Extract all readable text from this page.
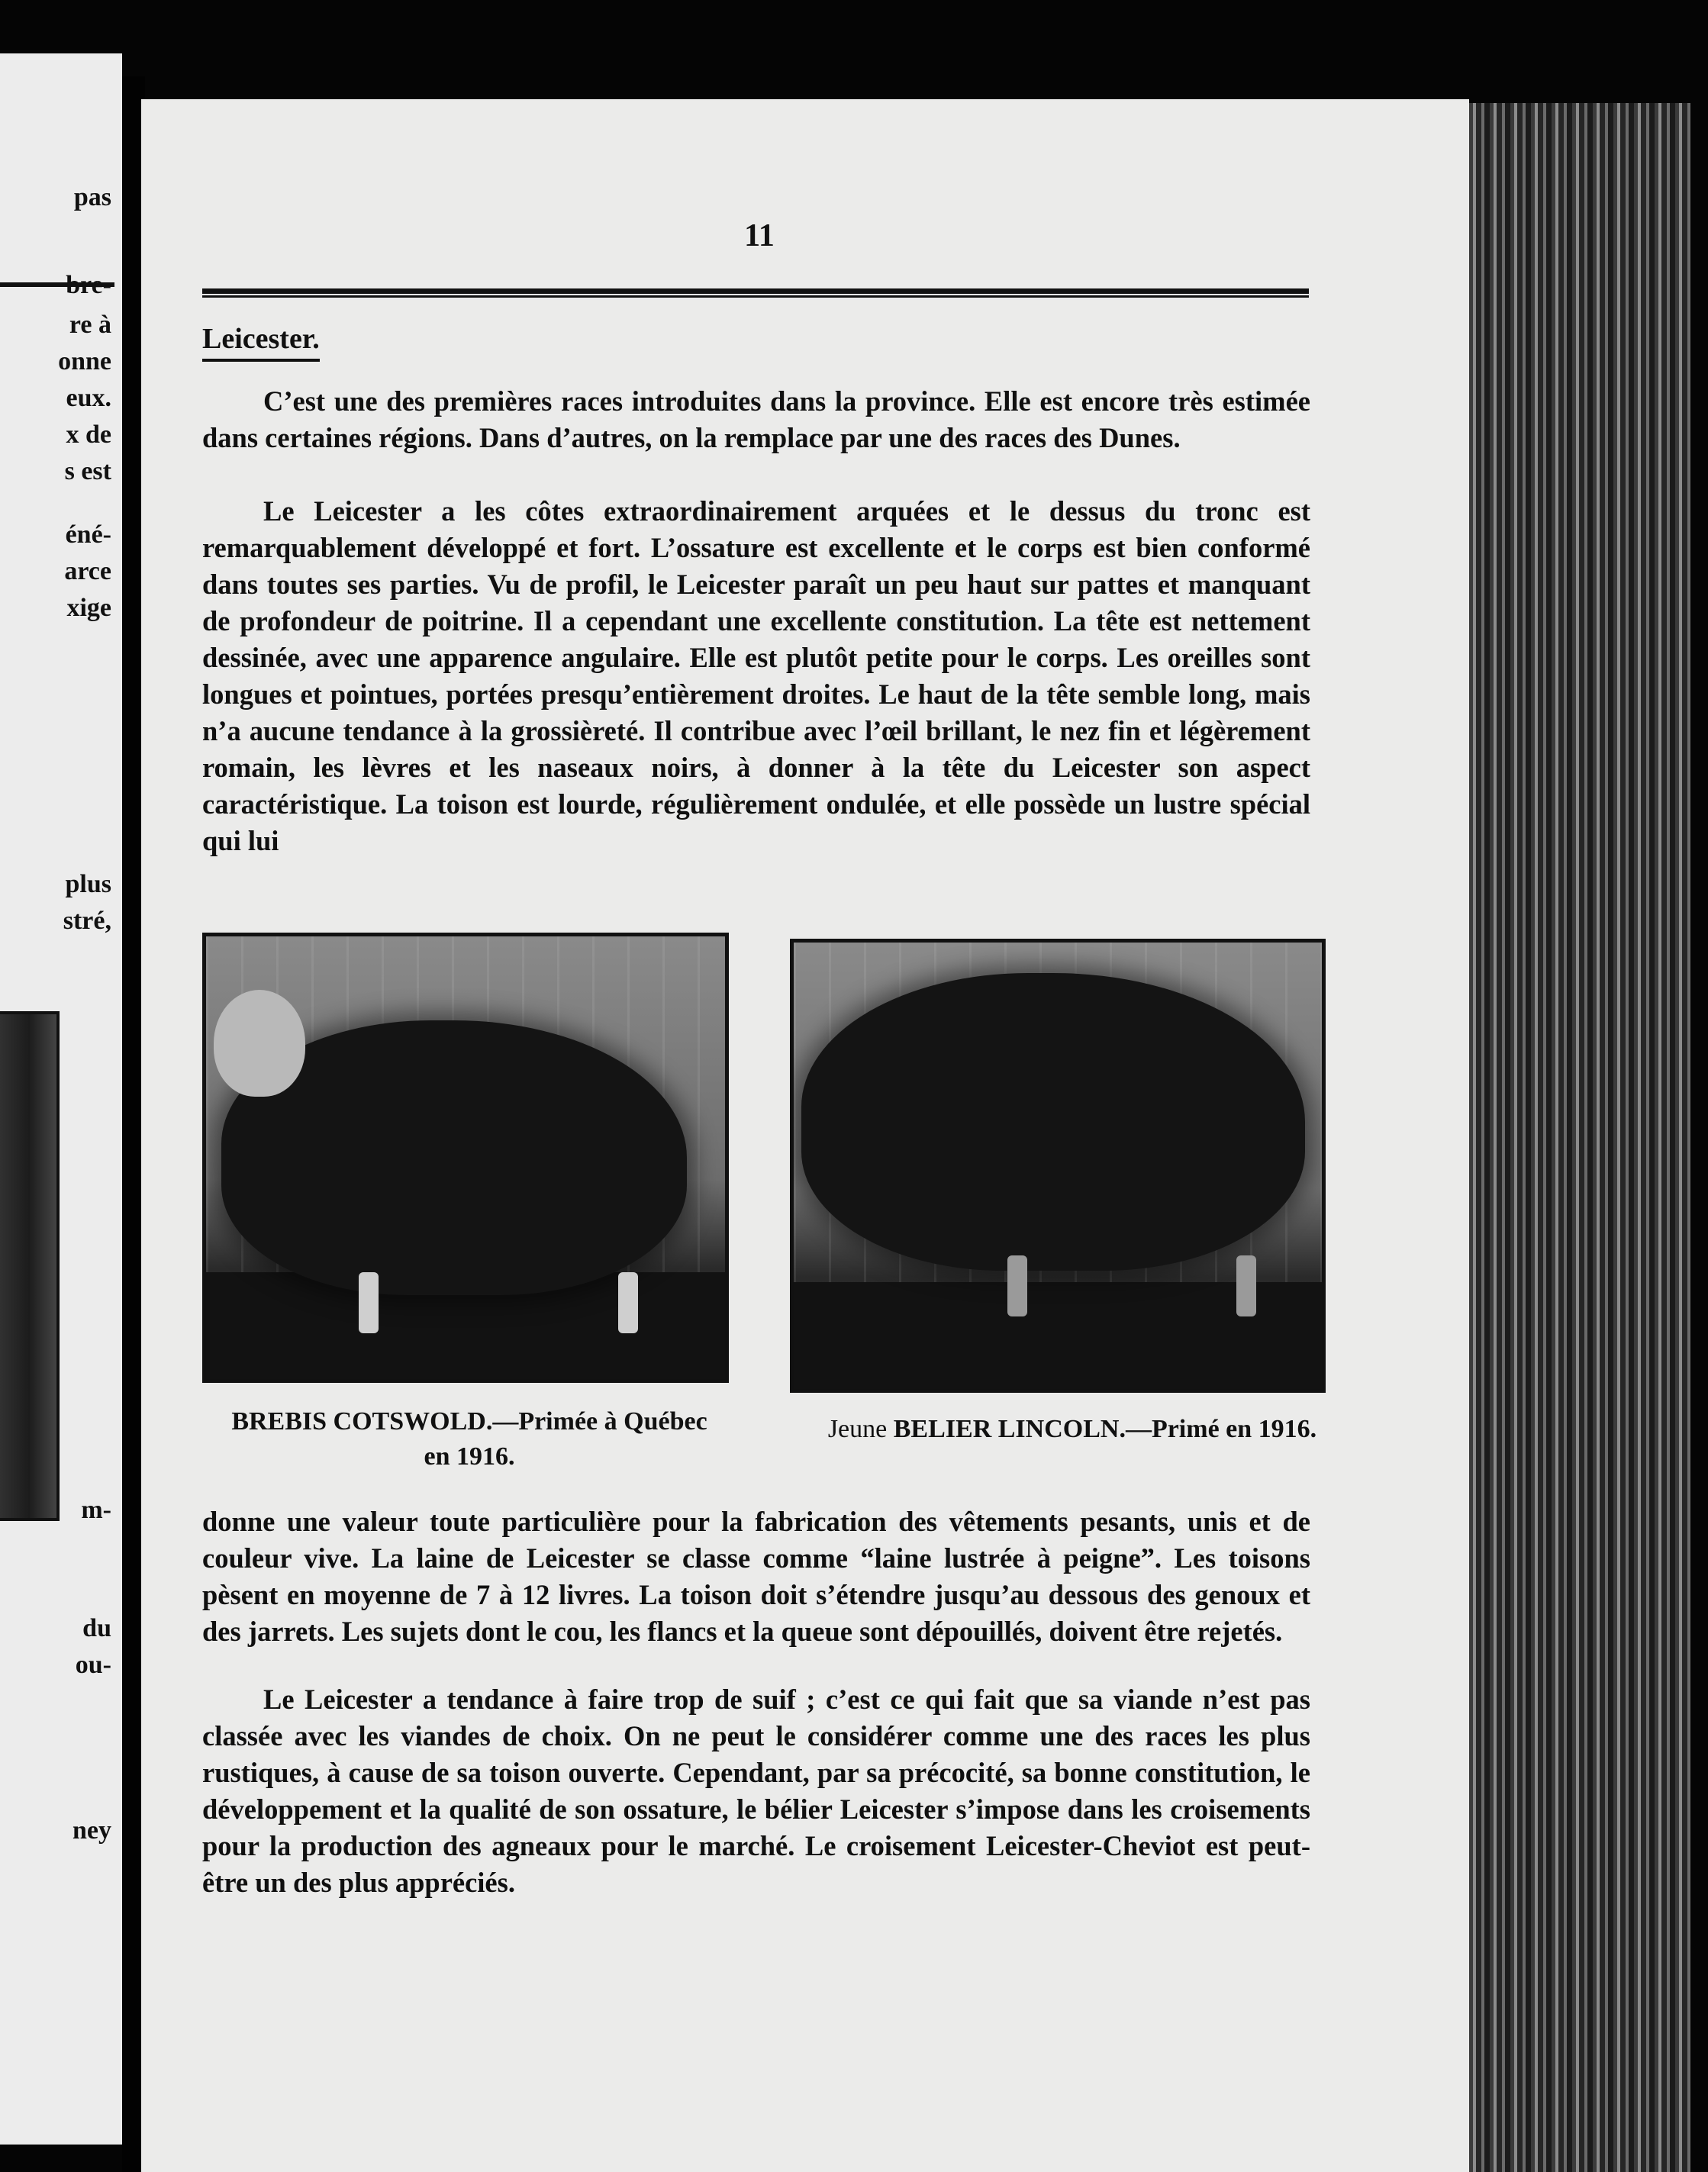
pas
bre-
re à
onne
eux.
x de
s est
éné-
arce
xige
plus
stré,
m-
du
ou-
ney
11
Leicester.

C’est une des premières races introduites dans la province. Elle est encore très estimée dans certaines régions. Dans d’autres, on la remplace par une des races des Dunes.

Le Leicester a les côtes extraordinairement arquées et le dessus du tronc est remarquablement développé et fort. L’ossature est excellente et le corps est bien conformé dans toutes ses parties. Vu de profil, le Leicester paraît un peu haut sur pattes et manquant de profondeur de poitrine. Il a cependant une excellente constitution. La tête est nettement dessinée, avec une apparence angulaire. Elle est plutôt petite pour le corps. Les oreilles sont longues et pointues, portées presqu’entièrement droites. Le haut de la tête semble long, mais n’a aucune tendance à la grossièreté. Il contribue avec l’œil brillant, le nez fin et légèrement romain, les lèvres et les naseaux noirs, à donner à la tête du Leicester son aspect caractéristique. La toison est lourde, régulièrement ondulée, et elle possède un lustre spécial qui lui

BREBIS COTSWOLD.—Primée à Québec en 1916.

Jeune BELIER LINCOLN.—Primé en 1916.

donne une valeur toute particulière pour la fabrication des vêtements pesants, unis et de couleur vive. La laine de Leicester se classe comme “laine lustrée à peigne”. Les toisons pèsent en moyenne de 7 à 12 livres. La toison doit s’étendre jusqu’au dessous des genoux et des jarrets. Les sujets dont le cou, les flancs et la queue sont dépouillés, doivent être rejetés.

Le Leicester a tendance à faire trop de suif ; c’est ce qui fait que sa viande n’est pas classée avec les viandes de choix. On ne peut le considérer comme une des races les plus rustiques, à cause de sa toison ouverte. Cependant, par sa précocité, sa bonne constitution, le développement et la qualité de son ossature, le bélier Leicester s’impose dans les croisements pour la production des agneaux pour le marché. Le croisement Leicester-Cheviot est peut-être un des plus appréciés.
